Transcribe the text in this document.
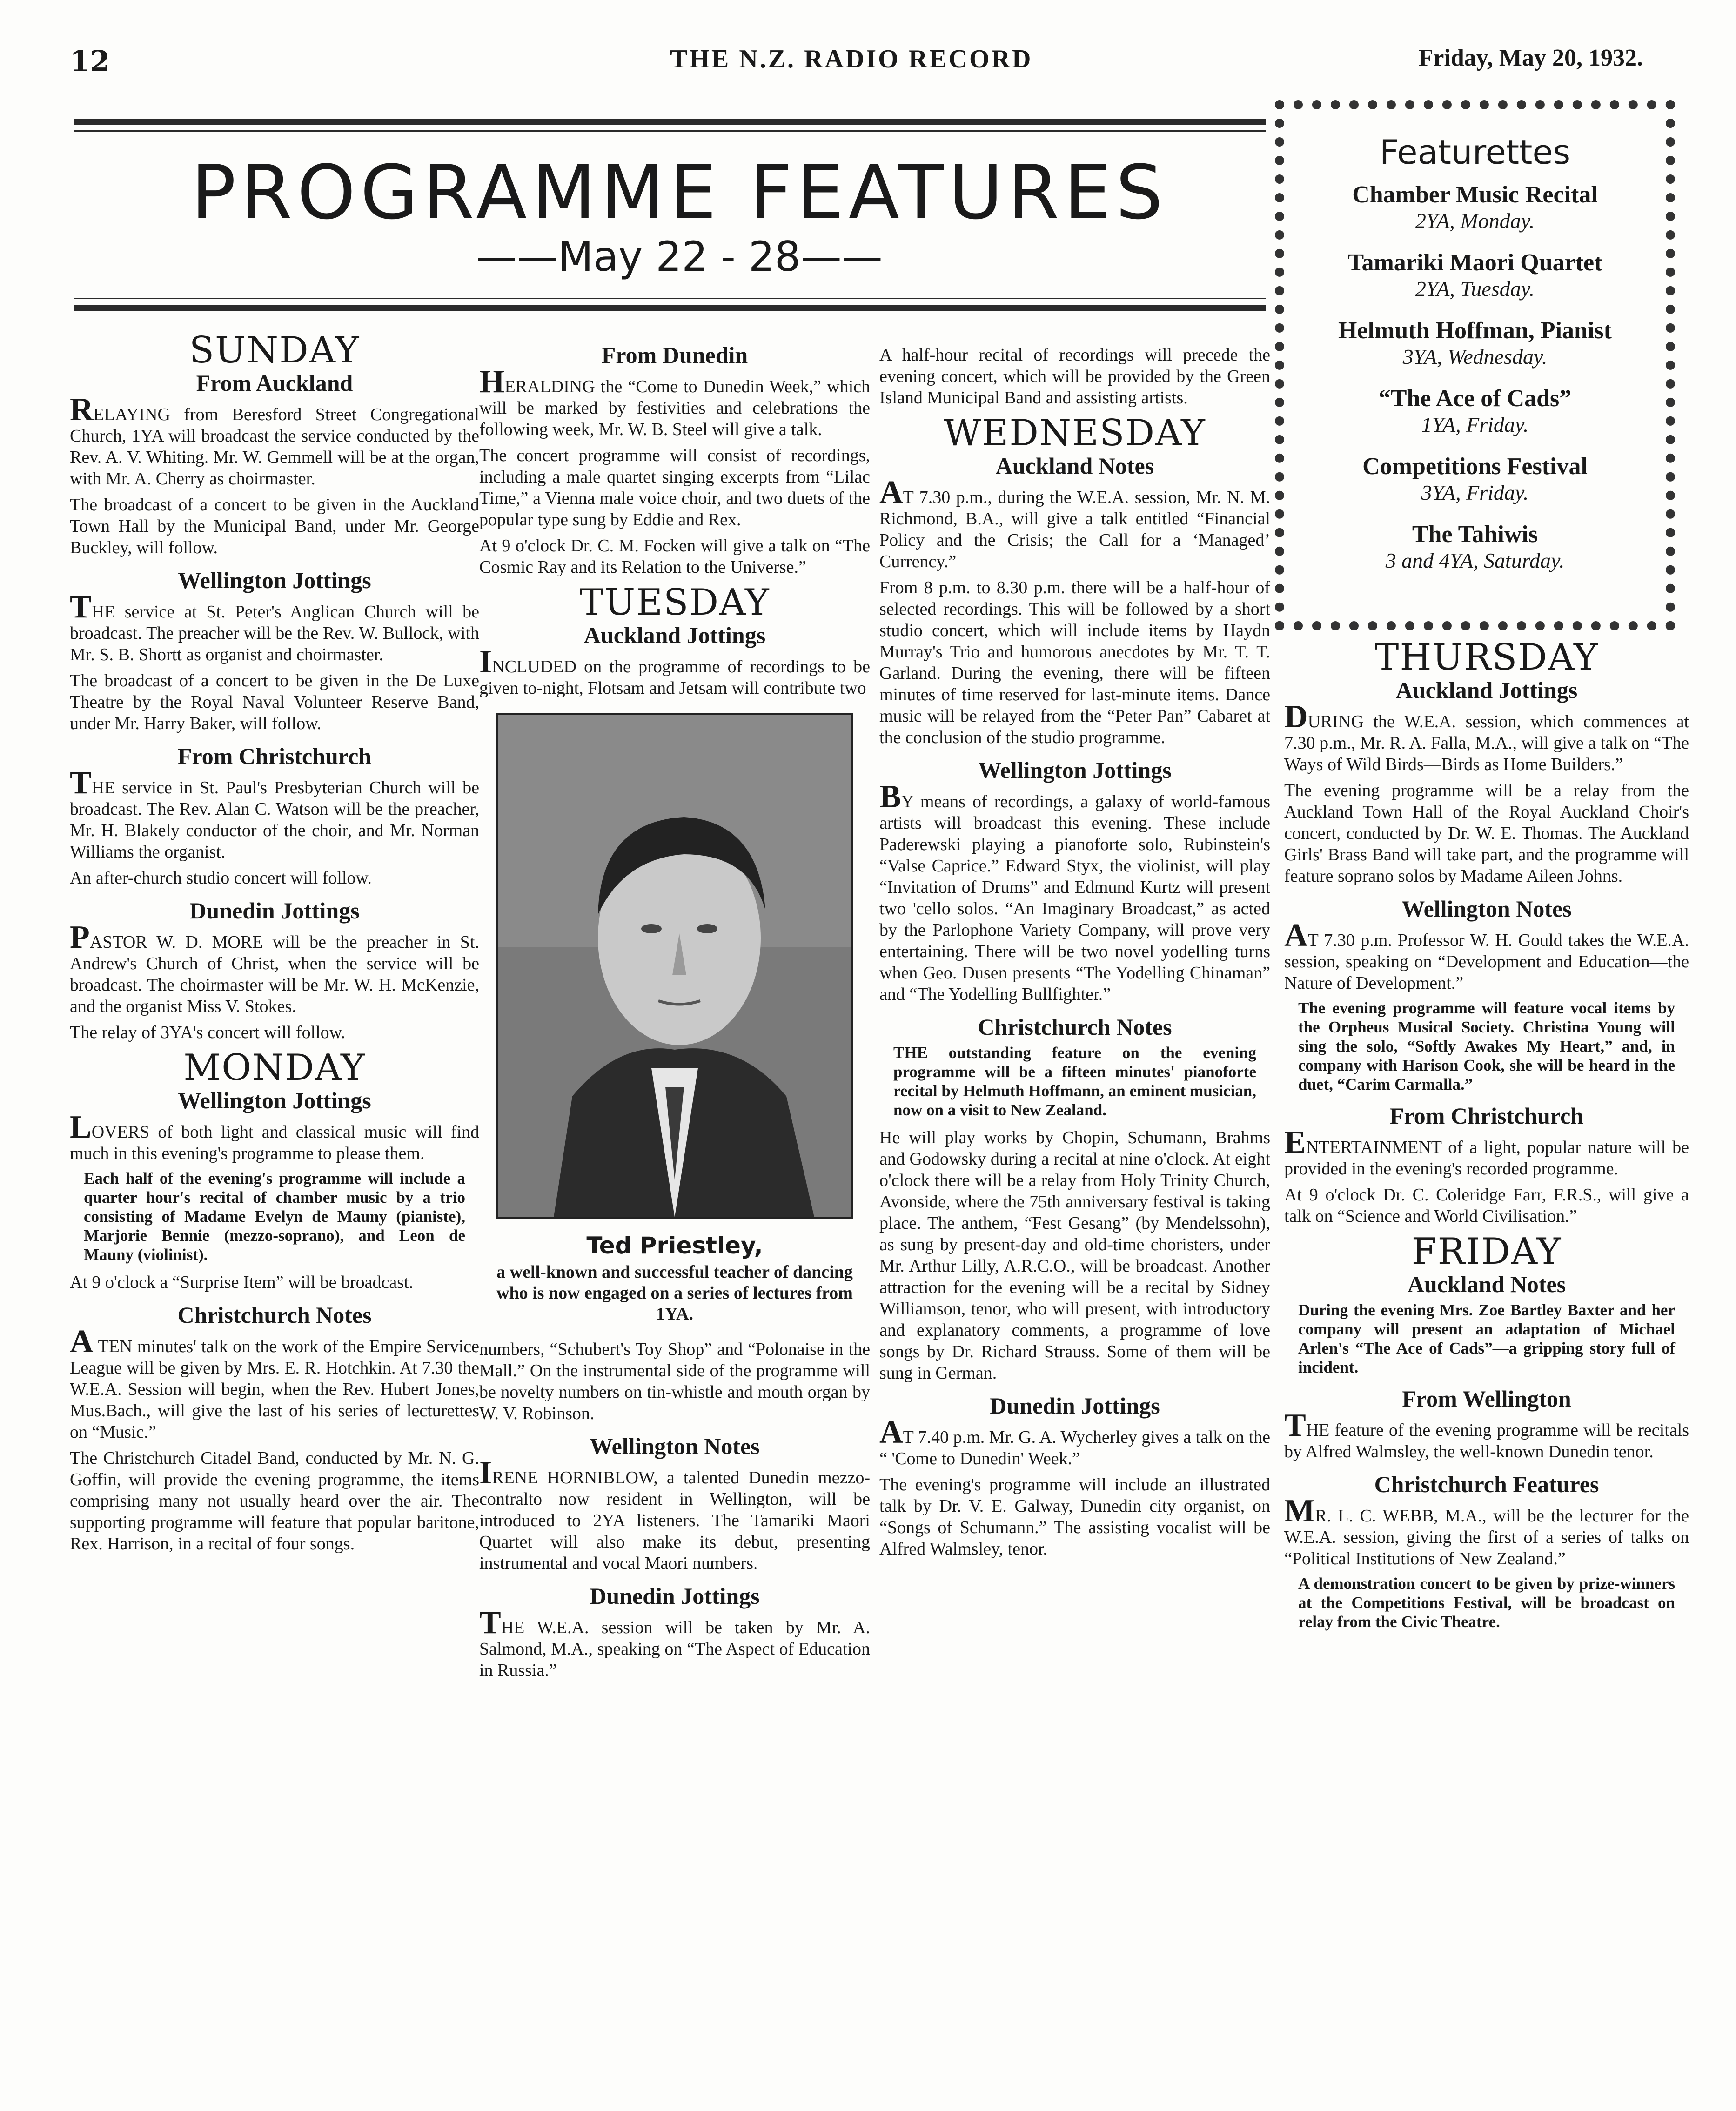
12	THE N.Z. RADIO RECORD	Friday, May 20, 1932.
PROGRAMME FEATURES
——May 22 - 28——
Featurettes
Chamber Music Recital
2YA, Monday.
Tamariki Maori Quartet
2YA, Tuesday.
Helmuth Hoffman, Pianist
3YA, Wednesday.
“The Ace of Cads”
1YA, Friday.
Competitions Festival
3YA, Friday.
The Tahiwis
3 and 4YA, Saturday.
SUNDAY
From Auckland

RELAYING from Beresford Street Congregational Church, 1YA will broadcast the service conducted by the Rev. A. V. Whiting. Mr. W. Gemmell will be at the organ, with Mr. A. Cherry as choirmaster.

The broadcast of a concert to be given in the Auckland Town Hall by the Municipal Band, under Mr. George Buckley, will follow.

Wellington Jottings

THE service at St. Peter's Anglican Church will be broadcast. The preacher will be the Rev. W. Bullock, with Mr. S. B. Shortt as organist and choirmaster.

The broadcast of a concert to be given in the De Luxe Theatre by the Royal Naval Volunteer Reserve Band, under Mr. Harry Baker, will follow.

From Christchurch

THE service in St. Paul's Presbyterian Church will be broadcast. The Rev. Alan C. Watson will be the preacher, Mr. H. Blakely conductor of the choir, and Mr. Norman Williams the organist.

An after-church studio concert will follow.

Dunedin Jottings

PASTOR W. D. MORE will be the preacher in St. Andrew's Church of Christ, when the service will be broadcast. The choirmaster will be Mr. W. H. McKenzie, and the organist Miss V. Stokes.

The relay of 3YA's concert will follow.

MONDAY
Wellington Jottings

LOVERS of both light and classical music will find much in this evening's programme to please them.

Each half of the evening's programme will include a quarter hour's recital of chamber music by a trio consisting of Madame Evelyn de Mauny (pianiste), Marjorie Bennie (mezzo-soprano), and Leon de Mauny (violinist).

At 9 o'clock a “Surprise Item” will be broadcast.

Christchurch Notes

A TEN minutes' talk on the work of the Empire Service League will be given by Mrs. E. R. Hotchkin. At 7.30 the W.E.A. Session will begin, when the Rev. Hubert Jones, Mus.Bach., will give the last of his series of lecturettes on “Music.”

The Christchurch Citadel Band, conducted by Mr. N. G. Goffin, will provide the evening programme, the items comprising many not usually heard over the air. The supporting programme will feature that popular baritone, Rex. Harrison, in a recital of four songs.

From Dunedin

HERALDING the “Come to Dunedin Week,” which will be marked by festivities and celebrations the following week, Mr. W. B. Steel will give a talk.

The concert programme will consist of recordings, including a male quartet singing excerpts from “Lilac Time,” a Vienna male voice choir, and two duets of the popular type sung by Eddie and Rex.

At 9 o'clock Dr. C. M. Focken will give a talk on “The Cosmic Ray and its Relation to the Universe.”

TUESDAY
Auckland Jottings

INCLUDED on the programme of recordings to be given to-night, Flotsam and Jetsam will contribute two

Ted Priestley,
a well-known and successful teacher of dancing who is now engaged on a series of lectures from 1YA.

numbers, “Schubert's Toy Shop” and “Polonaise in the Mall.” On the instrumental side of the programme will be novelty numbers on tin-whistle and mouth organ by W. V. Robinson.

Wellington Notes

IRENE HORNIBLOW, a talented Dunedin mezzo-contralto now resident in Wellington, will be introduced to 2YA listeners. The Tamariki Maori Quartet will also make its debut, presenting instrumental and vocal Maori numbers.

Dunedin Jottings

THE W.E.A. session will be taken by Mr. A. Salmond, M.A., speaking on “The Aspect of Education in Russia.”

A half-hour recital of recordings will precede the evening concert, which will be provided by the Green Island Municipal Band and assisting artists.

WEDNESDAY
Auckland Notes

AT 7.30 p.m., during the W.E.A. session, Mr. N. M. Richmond, B.A., will give a talk entitled “Financial Policy and the Crisis; the Call for a ‘Managed’ Currency.”

From 8 p.m. to 8.30 p.m. there will be a half-hour of selected recordings. This will be followed by a short studio concert, which will include items by Haydn Murray's Trio and humorous anecdotes by Mr. T. T. Garland. During the evening, there will be fifteen minutes of time reserved for last-minute items. Dance music will be relayed from the “Peter Pan” Cabaret at the conclusion of the studio programme.

Wellington Jottings

BY means of recordings, a galaxy of world-famous artists will broadcast this evening. These include Paderewski playing a pianoforte solo, Rubinstein's “Valse Caprice.” Edward Styx, the violinist, will play “Invitation of Drums” and Edmund Kurtz will present two 'cello solos. “An Imaginary Broadcast,” as acted by the Parlophone Variety Company, will prove very entertaining. There will be two novel yodelling turns when Geo. Dusen presents “The Yodelling Chinaman” and “The Yodelling Bullfighter.”

Christchurch Notes

THE outstanding feature on the evening programme will be a fifteen minutes' pianoforte recital by Helmuth Hoffmann, an eminent musician, now on a visit to New Zealand.

He will play works by Chopin, Schumann, Brahms and Godowsky during a recital at nine o'clock. At eight o'clock there will be a relay from Holy Trinity Church, Avonside, where the 75th anniversary festival is taking place. The anthem, “Fest Gesang” (by Mendelssohn), as sung by present-day and old-time choristers, under Mr. Arthur Lilly, A.R.C.O., will be broadcast. Another attraction for the evening will be a recital by Sidney Williamson, tenor, who will present, with introductory and explanatory comments, a programme of love songs by Dr. Richard Strauss. Some of them will be sung in German.

Dunedin Jottings

AT 7.40 p.m. Mr. G. A. Wycherley gives a talk on the “ 'Come to Dunedin' Week.”

The evening's programme will include an illustrated talk by Dr. V. E. Galway, Dunedin city organist, on “Songs of Schumann.” The assisting vocalist will be Alfred Walmsley, tenor.

THURSDAY
Auckland Jottings

DURING the W.E.A. session, which commences at 7.30 p.m., Mr. R. A. Falla, M.A., will give a talk on “The Ways of Wild Birds—Birds as Home Builders.”

The evening programme will be a relay from the Auckland Town Hall of the Royal Auckland Choir's concert, conducted by Dr. W. E. Thomas. The Auckland Girls' Brass Band will take part, and the programme will feature soprano solos by Madame Aileen Johns.

Wellington Notes

AT 7.30 p.m. Professor W. H. Gould takes the W.E.A. session, speaking on “Development and Education—the Nature of Development.”

The evening programme will feature vocal items by the Orpheus Musical Society. Christina Young will sing the solo, “Softly Awakes My Heart,” and, in company with Harison Cook, she will be heard in the duet, “Carim Carmalla.”

From Christchurch

ENTERTAINMENT of a light, popular nature will be provided in the evening's recorded programme.

At 9 o'clock Dr. C. Coleridge Farr, F.R.S., will give a talk on “Science and World Civilisation.”

FRIDAY
Auckland Notes

During the evening Mrs. Zoe Bartley Baxter and her company will present an adaptation of Michael Arlen's “The Ace of Cads”—a gripping story full of incident.

From Wellington

THE feature of the evening programme will be recitals by Alfred Walmsley, the well-known Dunedin tenor.

Christchurch Features

MR. L. C. WEBB, M.A., will be the lecturer for the W.E.A. session, giving the first of a series of talks on “Political Institutions of New Zealand.”

A demonstration concert to be given by prize-winners at the Competitions Festival, will be broadcast on relay from the Civic Theatre.
